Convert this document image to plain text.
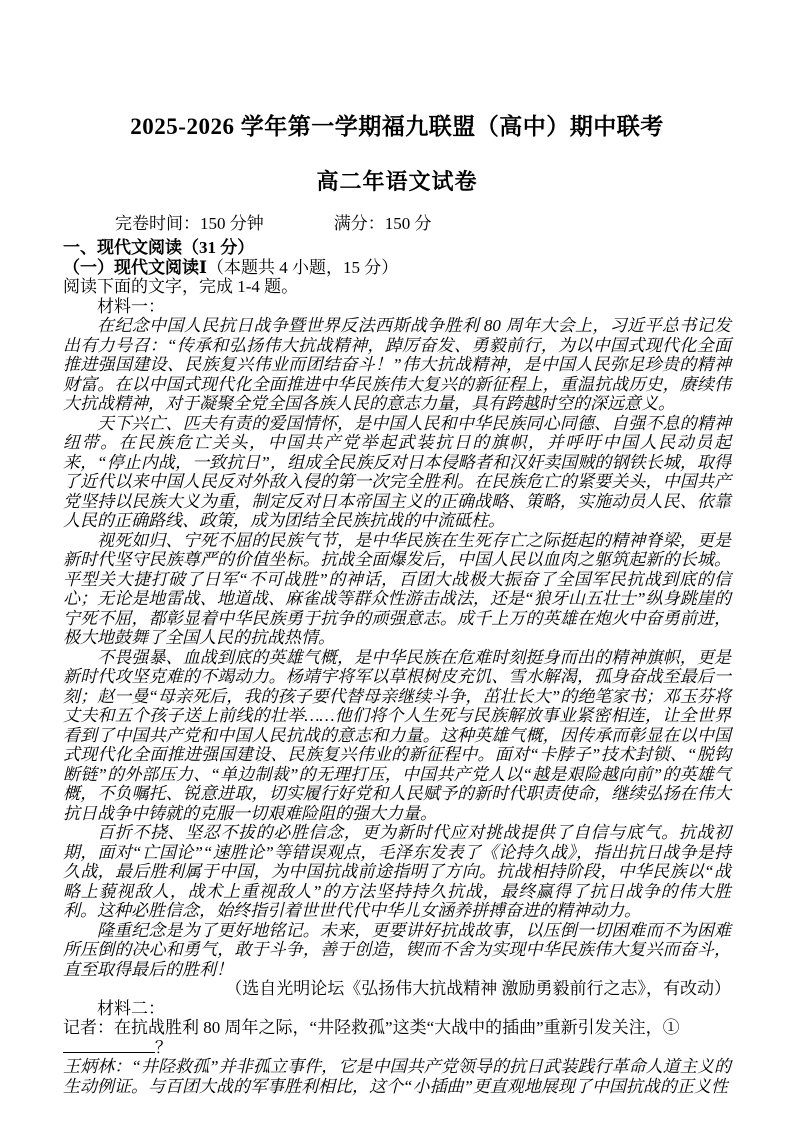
2025-2026 学年第一学期福九联盟（高中）期中联考
高二年语文试卷
完卷时间：150 分钟	满分：150 分
一、现代文阅读（31 分）
（一）现代文阅读Ⅰ（本题共 4 小题，15 分）
阅读下面的文字，完成 1-4 题。
材料一：

在纪念中国人民抗日战争暨世界反法西斯战争胜利 80 周年大会上，习近平总书记发出有力号召：“传承和弘扬伟大抗战精神，踔厉奋发、勇毅前行，为以中国式现代化全面推进强国建设、民族复兴伟业而团结奋斗！”伟大抗战精神，是中国人民弥足珍贵的精神财富。在以中国式现代化全面推进中华民族伟大复兴的新征程上，重温抗战历史，赓续伟大抗战精神，对于凝聚全党全国各族人民的意志力量，具有跨越时空的深远意义。

天下兴亡、匹夫有责的爱国情怀，是中国人民和中华民族同心同德、自强不息的精神纽带。在民族危亡关头，中国共产党举起武装抗日的旗帜，并呼吁中国人民动员起来，“停止内战，一致抗日”，组成全民族反对日本侵略者和汉奸卖国贼的钢铁长城，取得了近代以来中国人民反对外敌入侵的第一次完全胜利。在民族危亡的紧要关头，中国共产党坚持以民族大义为重，制定反对日本帝国主义的正确战略、策略，实施动员人民、依靠人民的正确路线、政策，成为团结全民族抗战的中流砥柱。

视死如归、宁死不屈的民族气节，是中华民族在生死存亡之际挺起的精神脊梁，更是新时代坚守民族尊严的价值坐标。抗战全面爆发后，中国人民以血肉之躯筑起新的长城。平型关大捷打破了日军“不可战胜”的神话，百团大战极大振奋了全国军民抗战到底的信心；无论是地雷战、地道战、麻雀战等群众性游击战法，还是“狼牙山五壮士”纵身跳崖的宁死不屈，都彰显着中华民族勇于抗争的顽强意志。成千上万的英雄在炮火中奋勇前进，极大地鼓舞了全国人民的抗战热情。

不畏强暴、血战到底的英雄气概，是中华民族在危难时刻挺身而出的精神旗帜，更是新时代攻坚克难的不竭动力。杨靖宇将军以草根树皮充饥、雪水解渴，孤身奋战至最后一刻；赵一曼“母亲死后，我的孩子要代替母亲继续斗争，茁壮长大”的绝笔家书；邓玉芬将丈夫和五个孩子送上前线的壮举……他们将个人生死与民族解放事业紧密相连，让全世界看到了中国共产党和中国人民抗战的意志和力量。这种英雄气概，因传承而彰显在以中国式现代化全面推进强国建设、民族复兴伟业的新征程中。面对“卡脖子”技术封锁、“脱钩断链”的外部压力、“单边制裁”的无理打压，中国共产党人以“越是艰险越向前”的英雄气概，不负嘱托、锐意进取，切实履行好党和人民赋予的新时代职责使命，继续弘扬在伟大抗日战争中铸就的克服一切艰难险阻的强大力量。

百折不挠、坚忍不拔的必胜信念，更为新时代应对挑战提供了自信与底气。抗战初期，面对“亡国论”“速胜论”等错误观点，毛泽东发表了《论持久战》，指出抗日战争是持久战，最后胜利属于中国，为中国抗战前途指明了方向。抗战相持阶段，中华民族以“战略上藐视敌人，战术上重视敌人”的方法坚持持久抗战，最终赢得了抗日战争的伟大胜利。这种必胜信念，始终指引着世世代代中华儿女涵养拼搏奋进的精神动力。

隆重纪念是为了更好地铭记。未来，更要讲好抗战故事，以压倒一切困难而不为困难所压倒的决心和勇气，敢于斗争，善于创造，锲而不舍为实现中华民族伟大复兴而奋斗，直至取得最后的胜利！

（选自光明论坛《弘扬伟大抗战精神 激励勇毅前行之志》，有改动）
材料二：

记者：在抗战胜利 80 周年之际，“井陉救孤”这类“大战中的插曲”重新引发关注，①
？

王炳林：“井陉救孤”并非孤立事件，它是中国共产党领导的抗日武装践行革命人道主义的生动例证。与百团大战的军事胜利相比，这个“小插曲”更直观地展现了中国抗战的正义性
